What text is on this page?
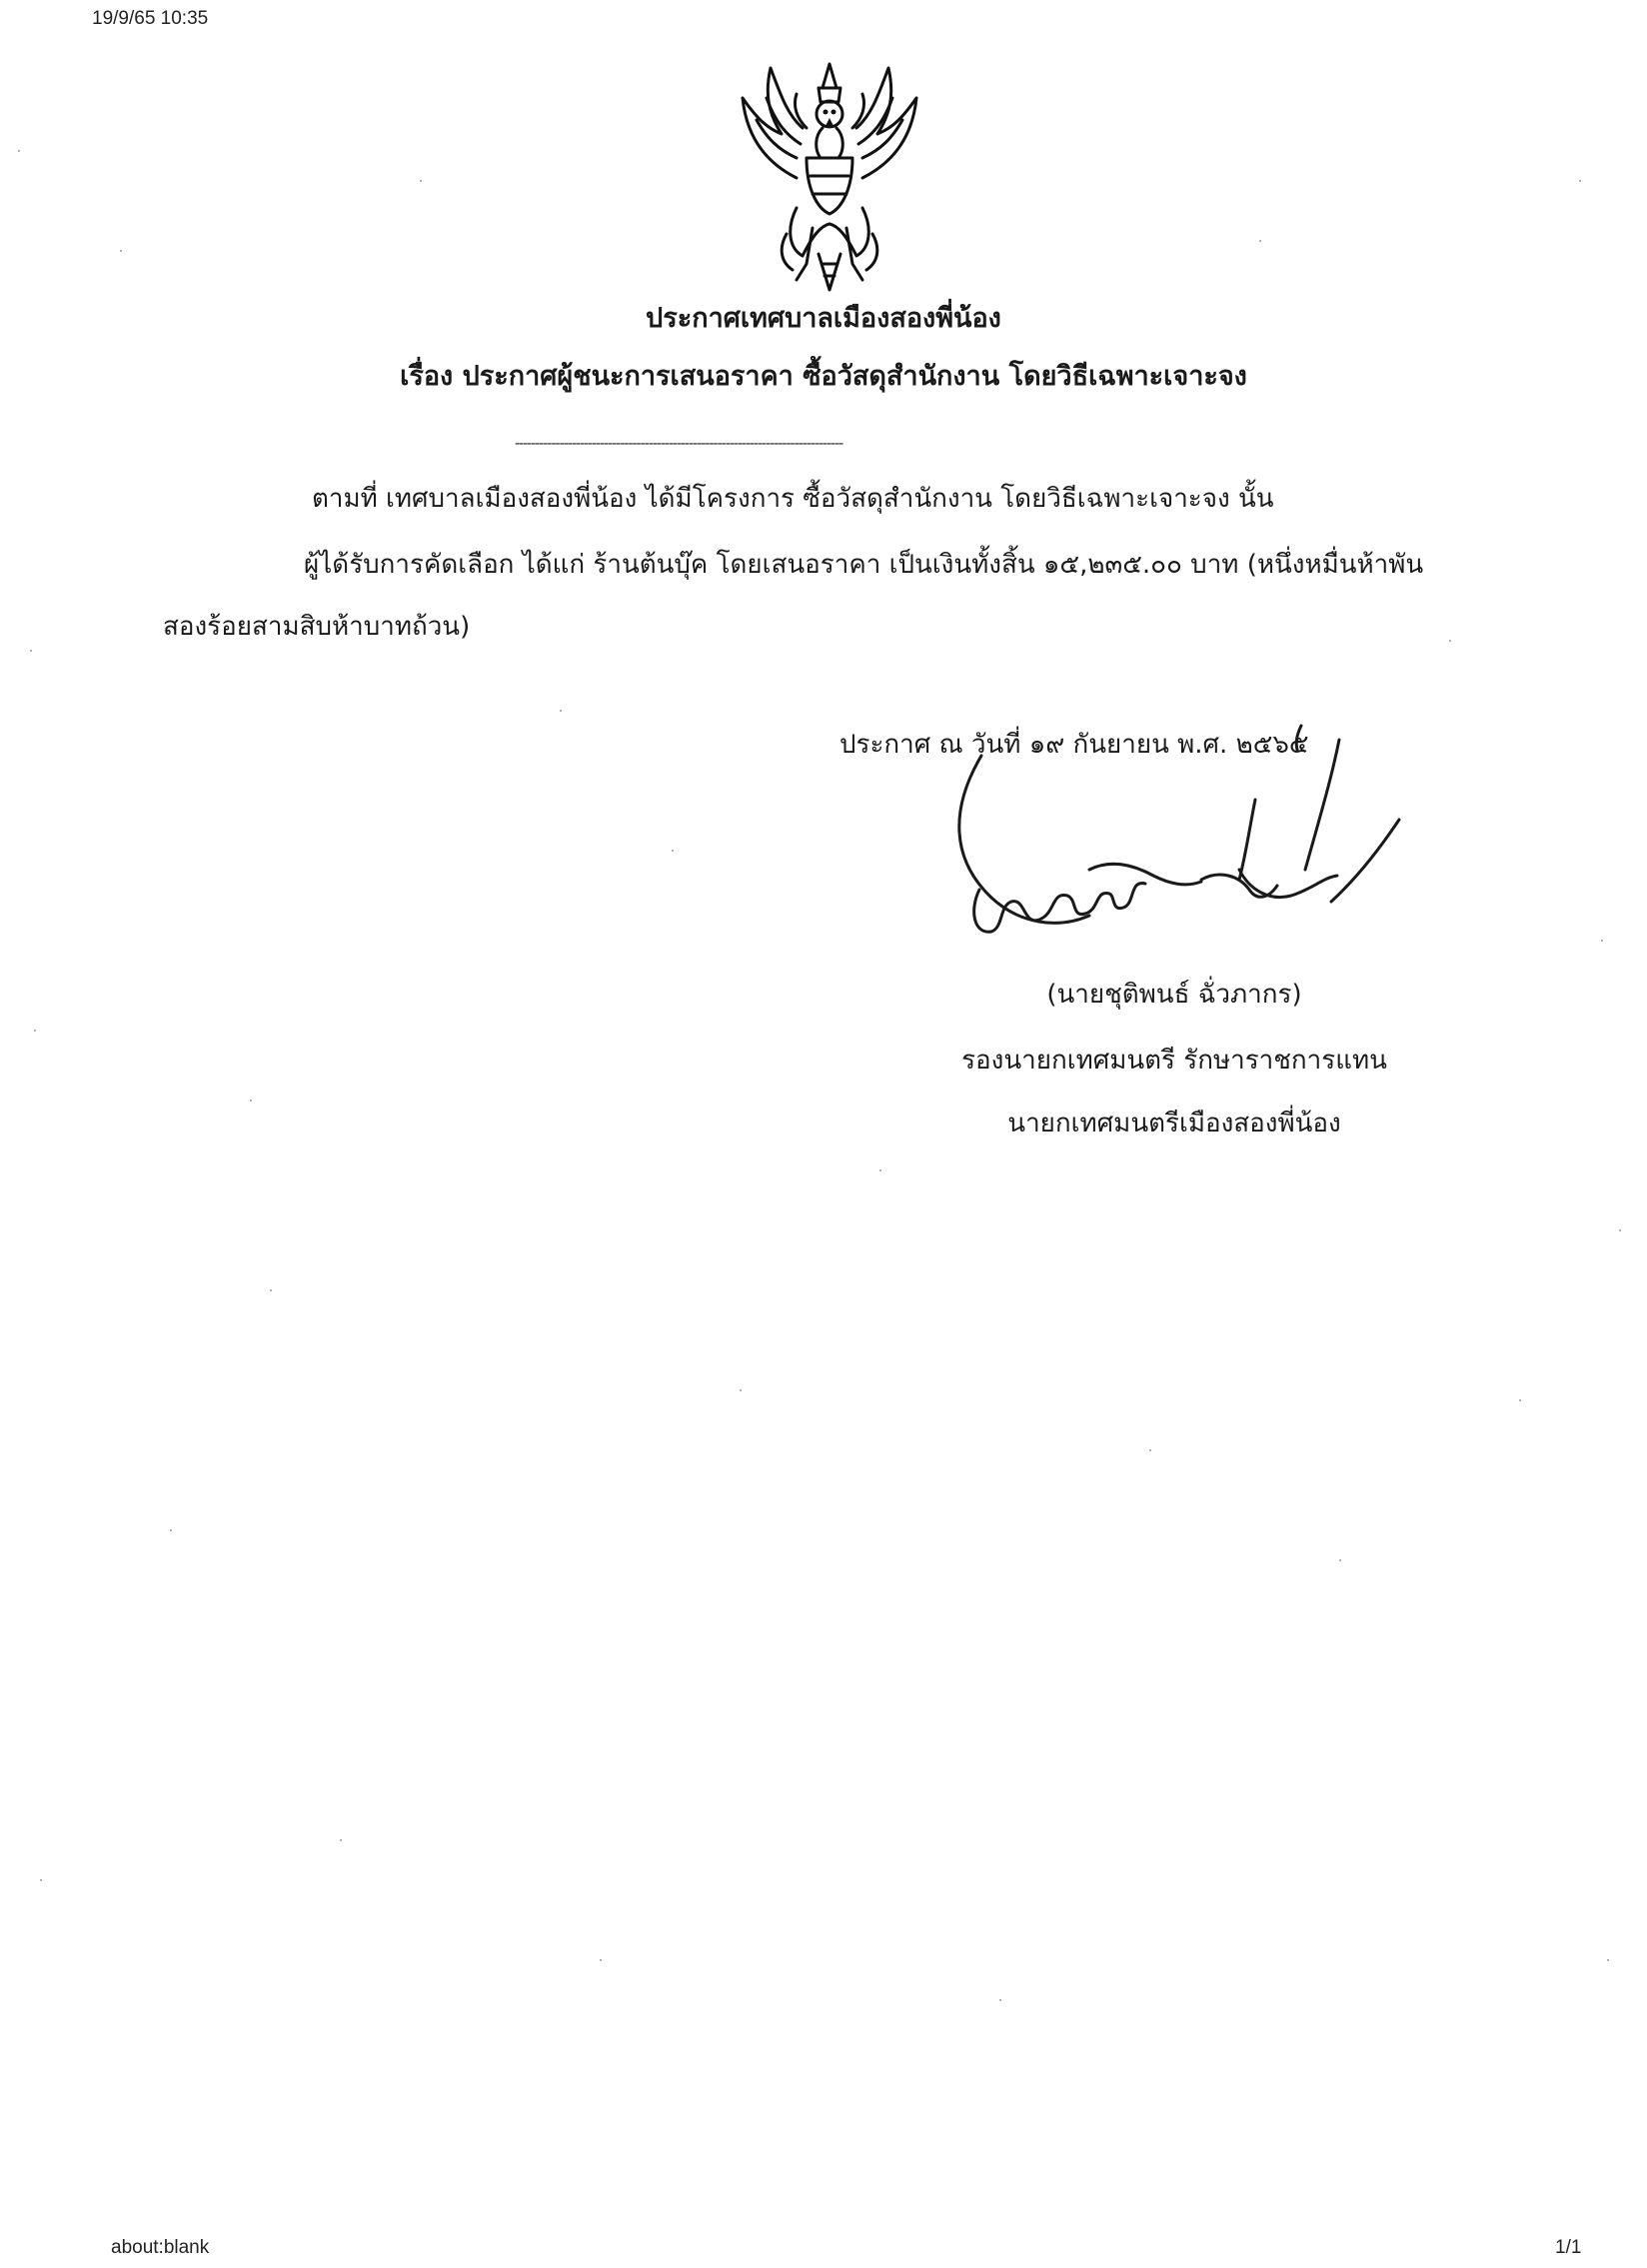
19/9/65 10:35
about:blank	1/1
ประกาศเทศบาลเมืองสองพี่น้อง
เรื่อง ประกาศผู้ชนะการเสนอราคา ซื้อวัสดุสำนักงาน โดยวิธีเฉพาะเจาะจง
---------------------------------------------------------------------------------
ตามที่ เทศบาลเมืองสองพี่น้อง ได้มีโครงการ ซื้อวัสดุสำนักงาน โดยวิธีเฉพาะเจาะจง นั้น
ผู้ได้รับการคัดเลือก ได้แก่ ร้านต้นบุ๊ค โดยเสนอราคา เป็นเงินทั้งสิ้น ๑๕,๒๓๕.๐๐ บาท (หนึ่งหมื่นห้าพัน
สองร้อยสามสิบห้าบาทถ้วน)
ประกาศ ณ วันที่ ๑๙ กันยายน พ.ศ. ๒๕๖๕
(นายชุติพนธ์ ฉั่วภากร)
รองนายกเทศมนตรี รักษาราชการแทน
นายกเทศมนตรีเมืองสองพี่น้อง
